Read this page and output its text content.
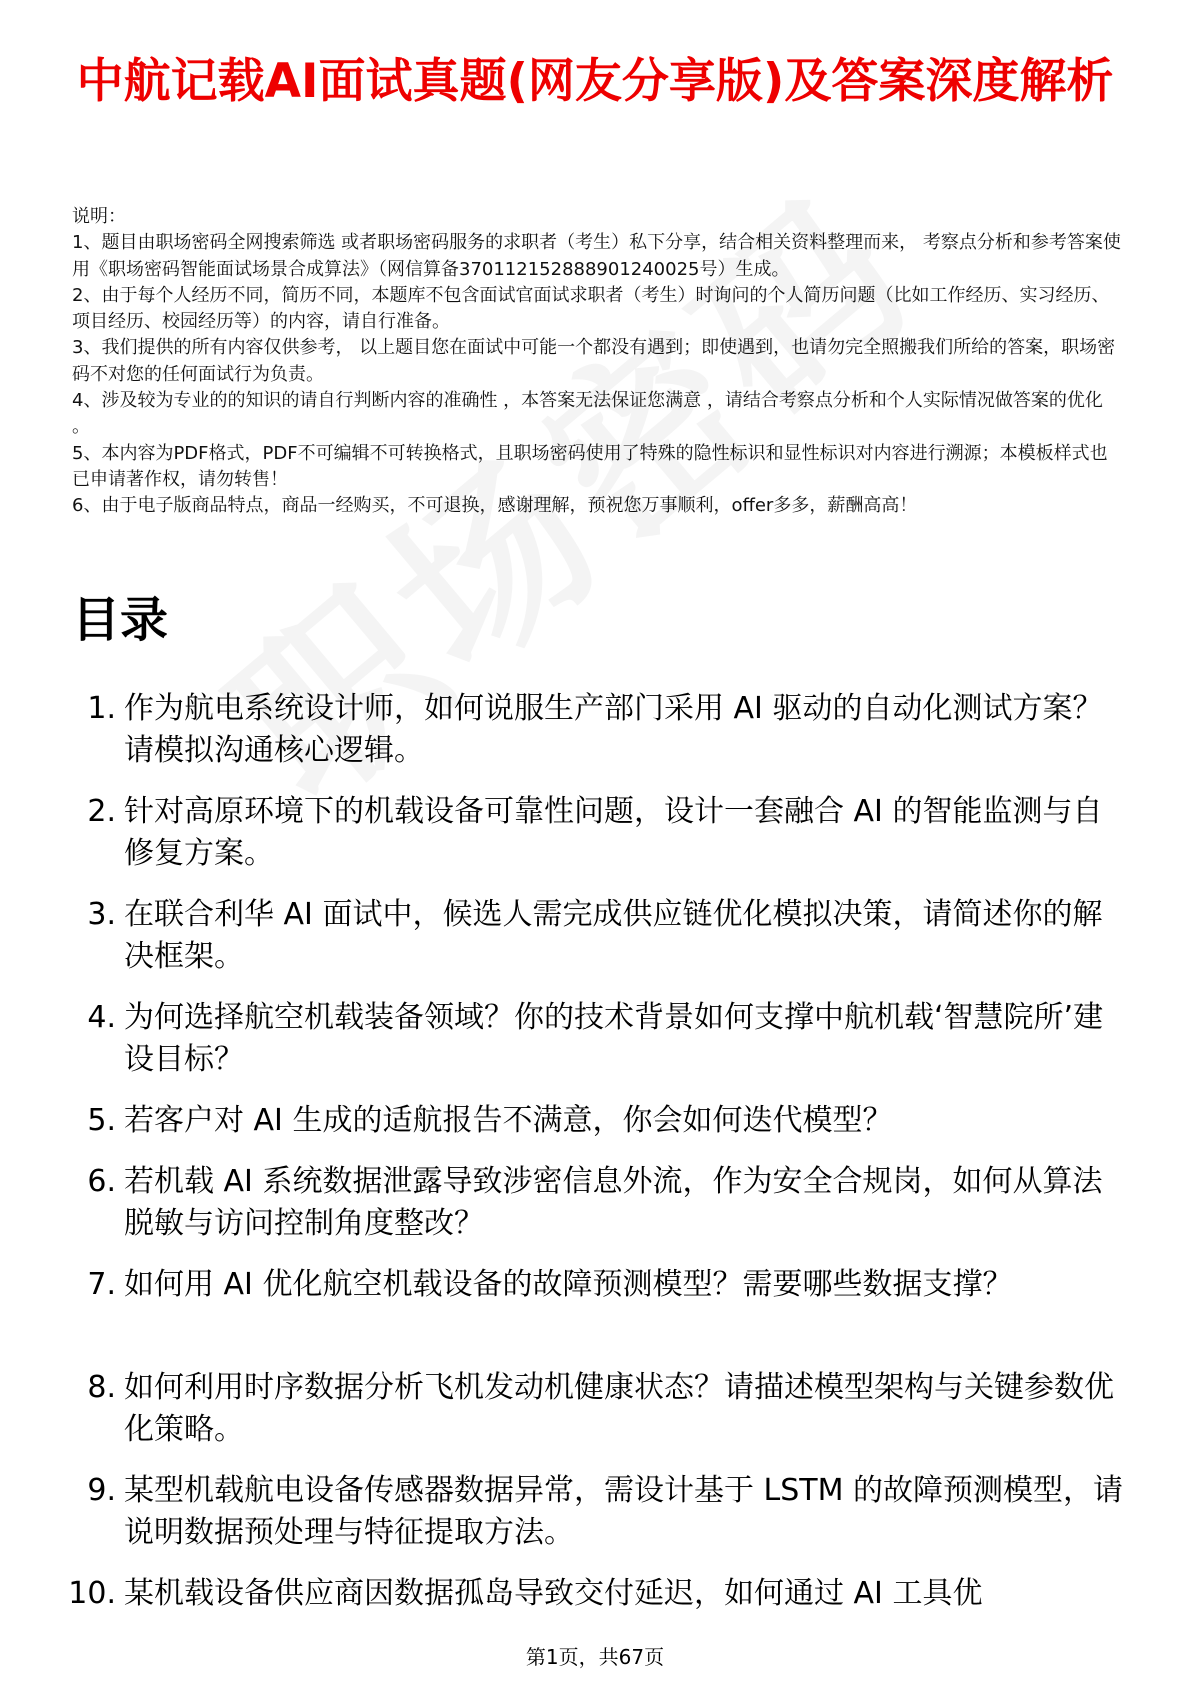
中航记载AI面试真题(网友分享版)及答案深度解析

说明：

1、题目由职场密码全网搜索筛选 或者职场密码服务的求职者（考生）私下分享，结合相关资料整理而来， 考察点分析和参考答案使用《职场密码智能面试场景合成算法》（网信算备370112152888901240025号）生成。

2、由于每个人经历不同，简历不同，本题库不包含面试官面试求职者（考生）时询问的个人简历问题（比如工作经历、实习经历、项目经历、校园经历等）的内容，请自行准备。

3、我们提供的所有内容仅供参考， 以上题目您在面试中可能一个都没有遇到；即使遇到，也请勿完全照搬我们所给的答案，职场密码不对您的任何面试行为负责。

4、涉及较为专业的的知识的请自行判断内容的准确性 ，本答案无法保证您满意 ，请结合考察点分析和个人实际情况做答案的优化 。

5、本内容为PDF格式，PDF不可编辑不可转换格式，且职场密码使用了特殊的隐性标识和显性标识对内容进行溯源；本模板样式也已申请著作权，请勿转售！

6、由于电子版商品特点，商品一经购买，不可退换，感谢理解，预祝您万事顺利，offer多多，薪酬高高！

目录
1. 作为航电系统设计师，如何说服生产部门采用 AI 驱动的自动化测试方案？请模拟沟通核心逻辑。
2. 针对高原环境下的机载设备可靠性问题，设计一套融合 AI 的智能监测与自修复方案。
3. 在联合利华 AI 面试中，候选人需完成供应链优化模拟决策，请简述你的解决框架。
4. 为何选择航空机载装备领域？你的技术背景如何支撑中航机载‘智慧院所’建设目标？
5. 若客户对 AI 生成的适航报告不满意，你会如何迭代模型？
6. 若机载 AI 系统数据泄露导致涉密信息外流，作为安全合规岗，如何从算法脱敏与访问控制角度整改？
7. 如何用 AI 优化航空机载设备的故障预测模型？需要哪些数据支撑？
8. 如何利用时序数据分析飞机发动机健康状态？请描述模型架构与关键参数优化策略。
9. 某型机载航电设备传感器数据异常，需设计基于 LSTM 的故障预测模型，请说明数据预处理与特征提取方法。
10. 某机载设备供应商因数据孤岛导致交付延迟，如何通过 AI 工具优
第1页，共67页
